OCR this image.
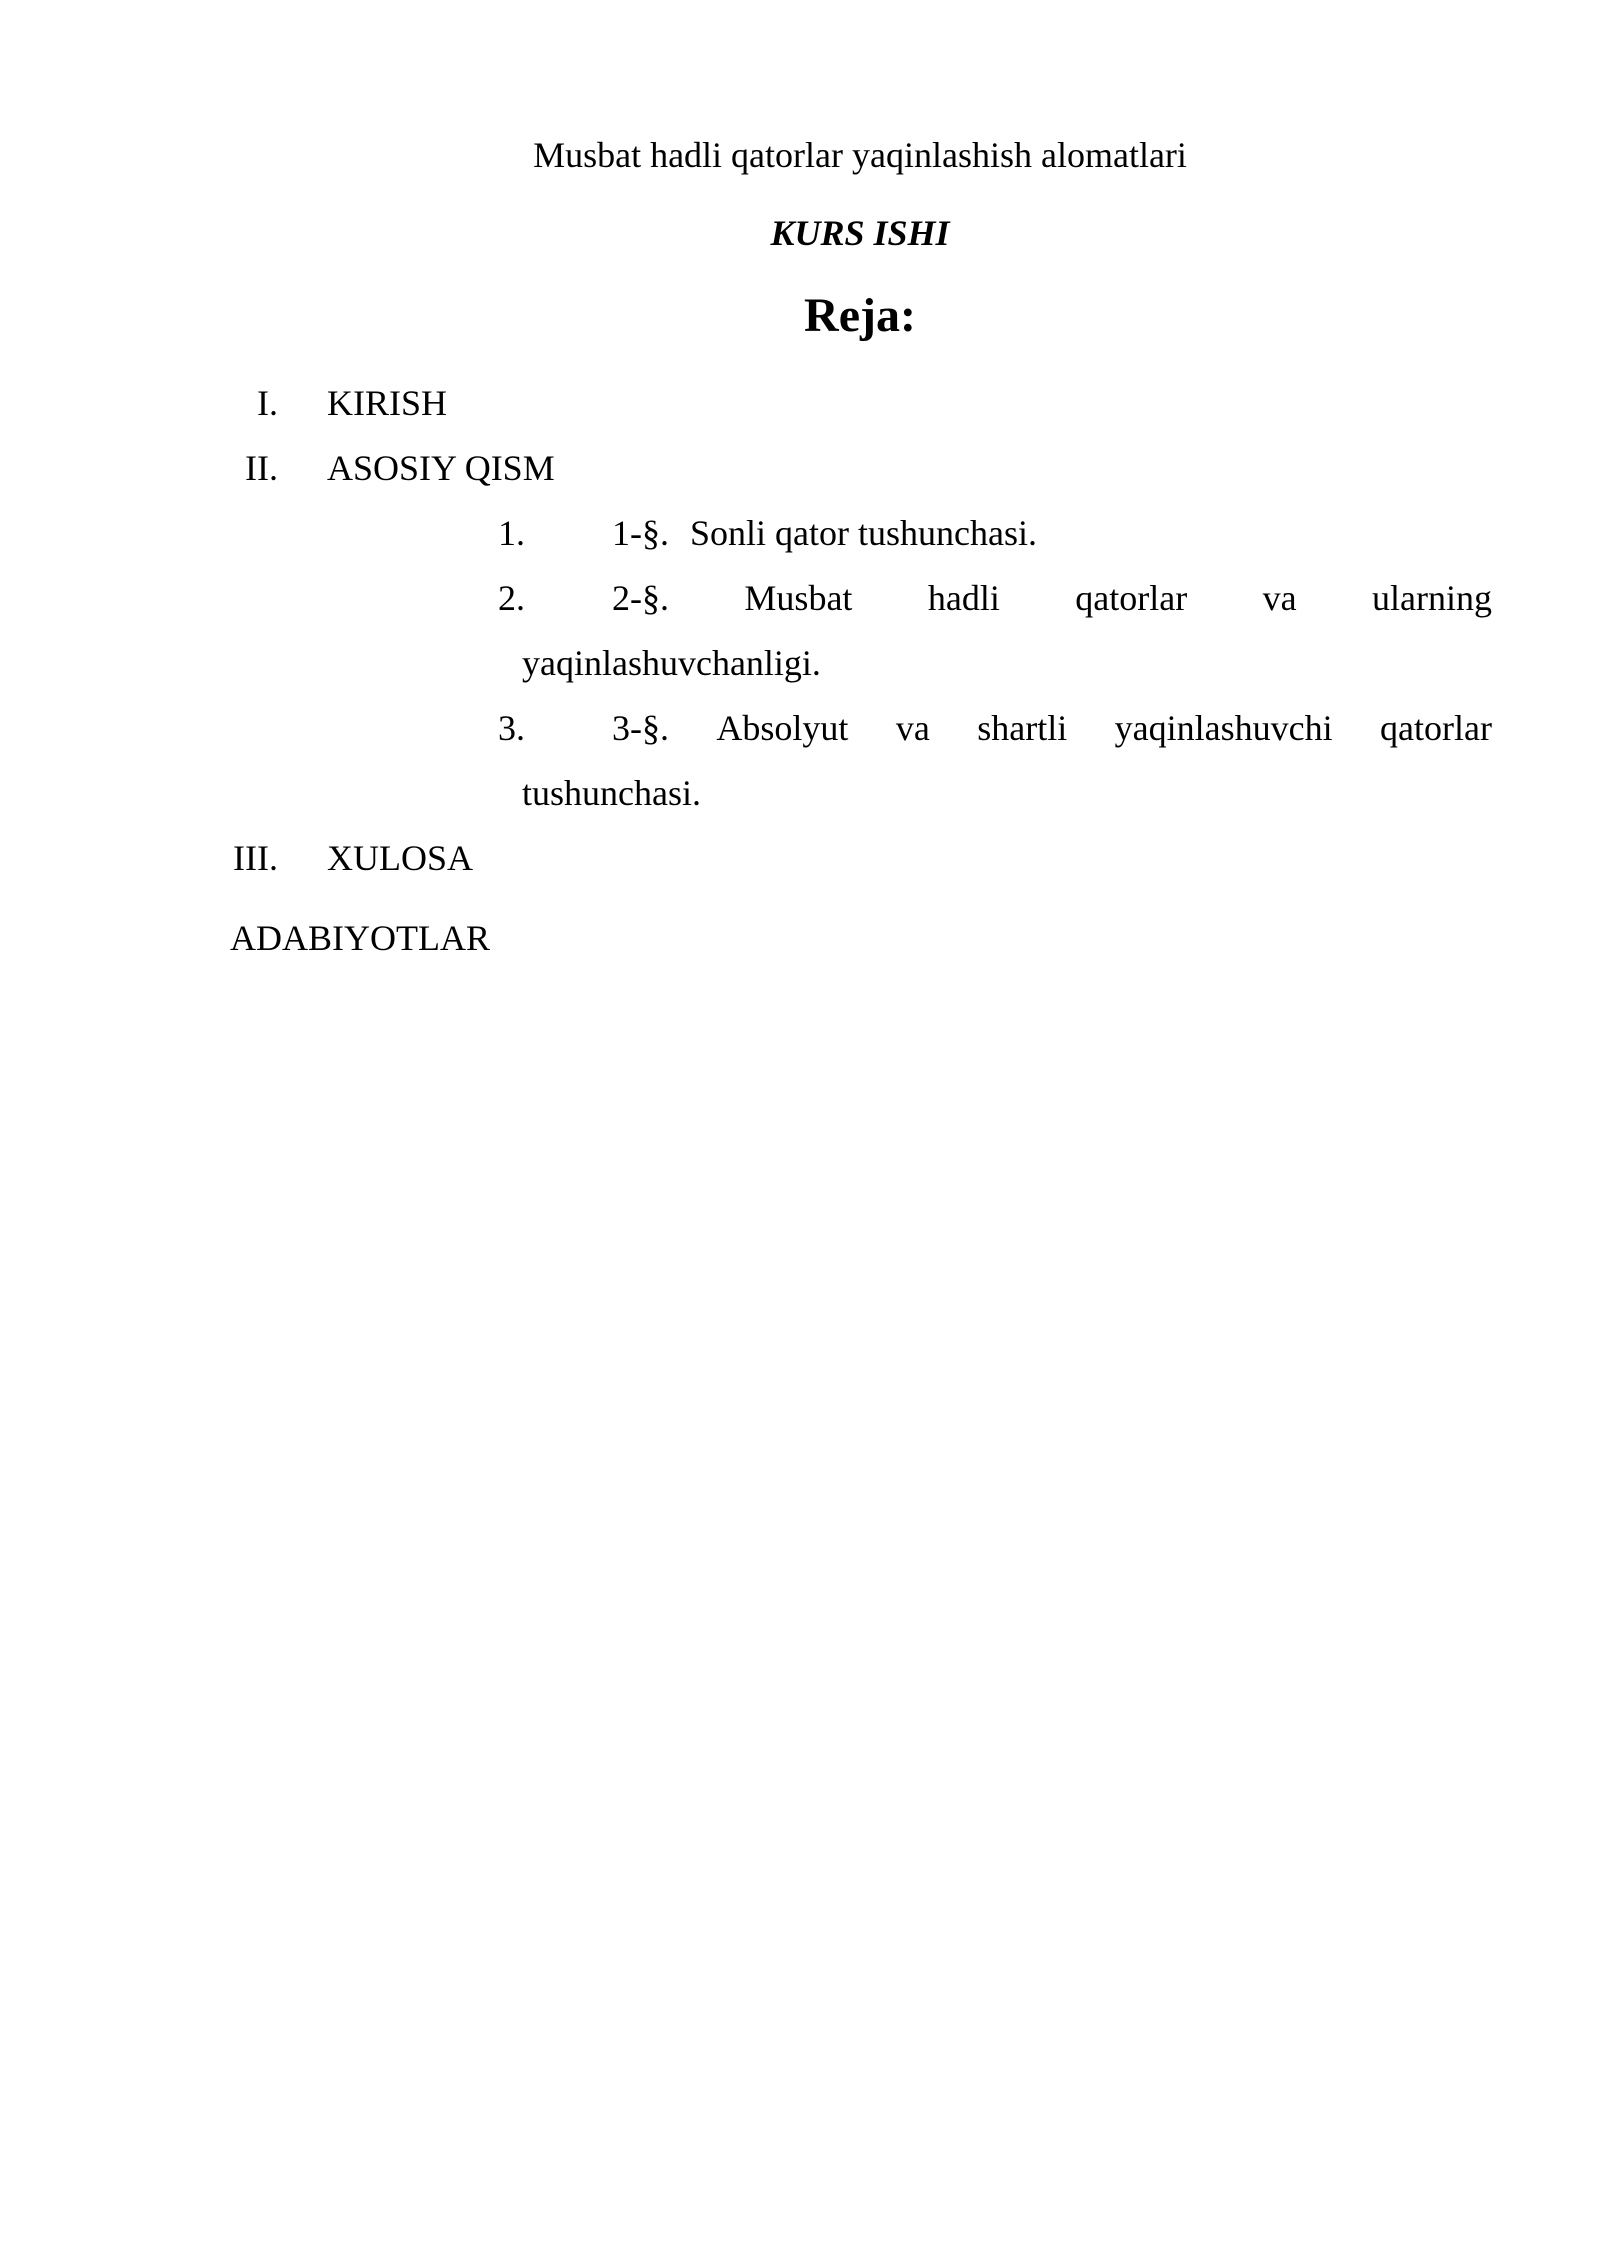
Musbat hadli qatorlar yaqinlashish alomatlari
KURS ISHI
Reja:
I. KIRISH
II. ASOSIY QISM
1. 1-§. Sonli qator tushunchasi.
2. 2-§. Musbat hadli qatorlar va ularning
yaqinlashuvchanligi.
3. 3-§. Absolyut va shartli yaqinlashuvchi qatorlar
tushunchasi.
III. XULOSA
ADABIYOTLAR
